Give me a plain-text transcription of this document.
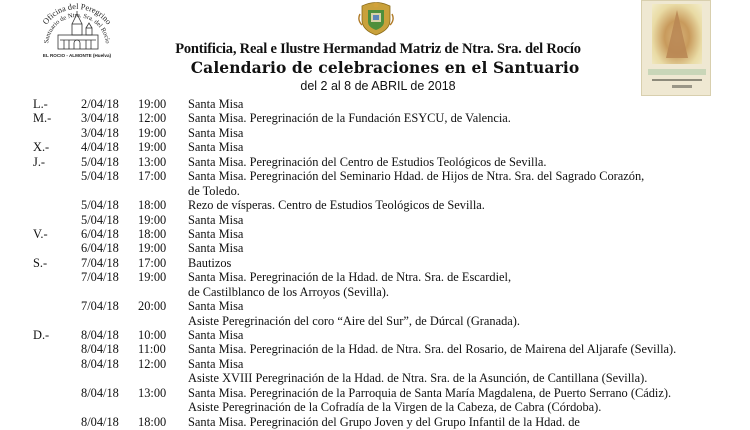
Oficina del Peregrino
Santuario de Ntra. Sra. del Rocío
EL ROCIO - ALMONTE (Huelva)	Pontificia, Real e Ilustre Hermandad Matriz de Ntra. Sra. del Rocío
Calendario de celebraciones en el Santuario
del 2 al 8 de ABRIL de 2018
L.-	2/04/18 19:00 Santa Misa
M.- 3/04/18 12:00 Santa Misa. Peregrinación de la Fundación ESYCU, de Valencia.
3/04/18 19:00 Santa Misa
X.-	4/04/18 19:00 Santa Misa
J.-	5/04/18 13:00 Santa Misa. Peregrinación del Centro de Estudios Teológicos de Sevilla.
5/04/18 17:00 Santa Misa. Peregrinación del Seminario Hdad. de Hijos de Ntra. Sra. del Sagrado Corazón,
de Toledo.
5/04/18 18:00 Rezo de vísperas. Centro de Estudios Teológicos de Sevilla.
5/04/18 19:00 Santa Misa
V.-	6/04/18 18:00 Santa Misa
6/04/18 19:00 Santa Misa
S.-	7/04/18 17:00 Bautizos
7/04/18 19:00 Santa Misa. Peregrinación de la Hdad. de Ntra. Sra. de Escardiel,
de Castilblanco de los Arroyos (Sevilla).
7/04/18 20:00 Santa Misa
Asiste Peregrinación del coro “Aire del Sur”, de Dúrcal (Granada).
D.-	8/04/18 10:00 Santa Misa
8/04/18 11:00 Santa Misa. Peregrinación de la Hdad. de Ntra. Sra. del Rosario, de Mairena del Aljarafe (Sevilla).
8/04/18 12:00 Santa Misa
Asiste XVIII Peregrinación de la Hdad. de Ntra. Sra. de la Asunción, de Cantillana (Sevilla).
8/04/18 13:00 Santa Misa. Peregrinación de la Parroquia de Santa María Magdalena, de Puerto Serrano (Cádiz).
Asiste Peregrinación de la Cofradía de la Virgen de la Cabeza, de Cabra (Córdoba).
8/04/18 18:00 Santa Misa. Peregrinación del Grupo Joven y del Grupo Infantil de la Hdad. de
